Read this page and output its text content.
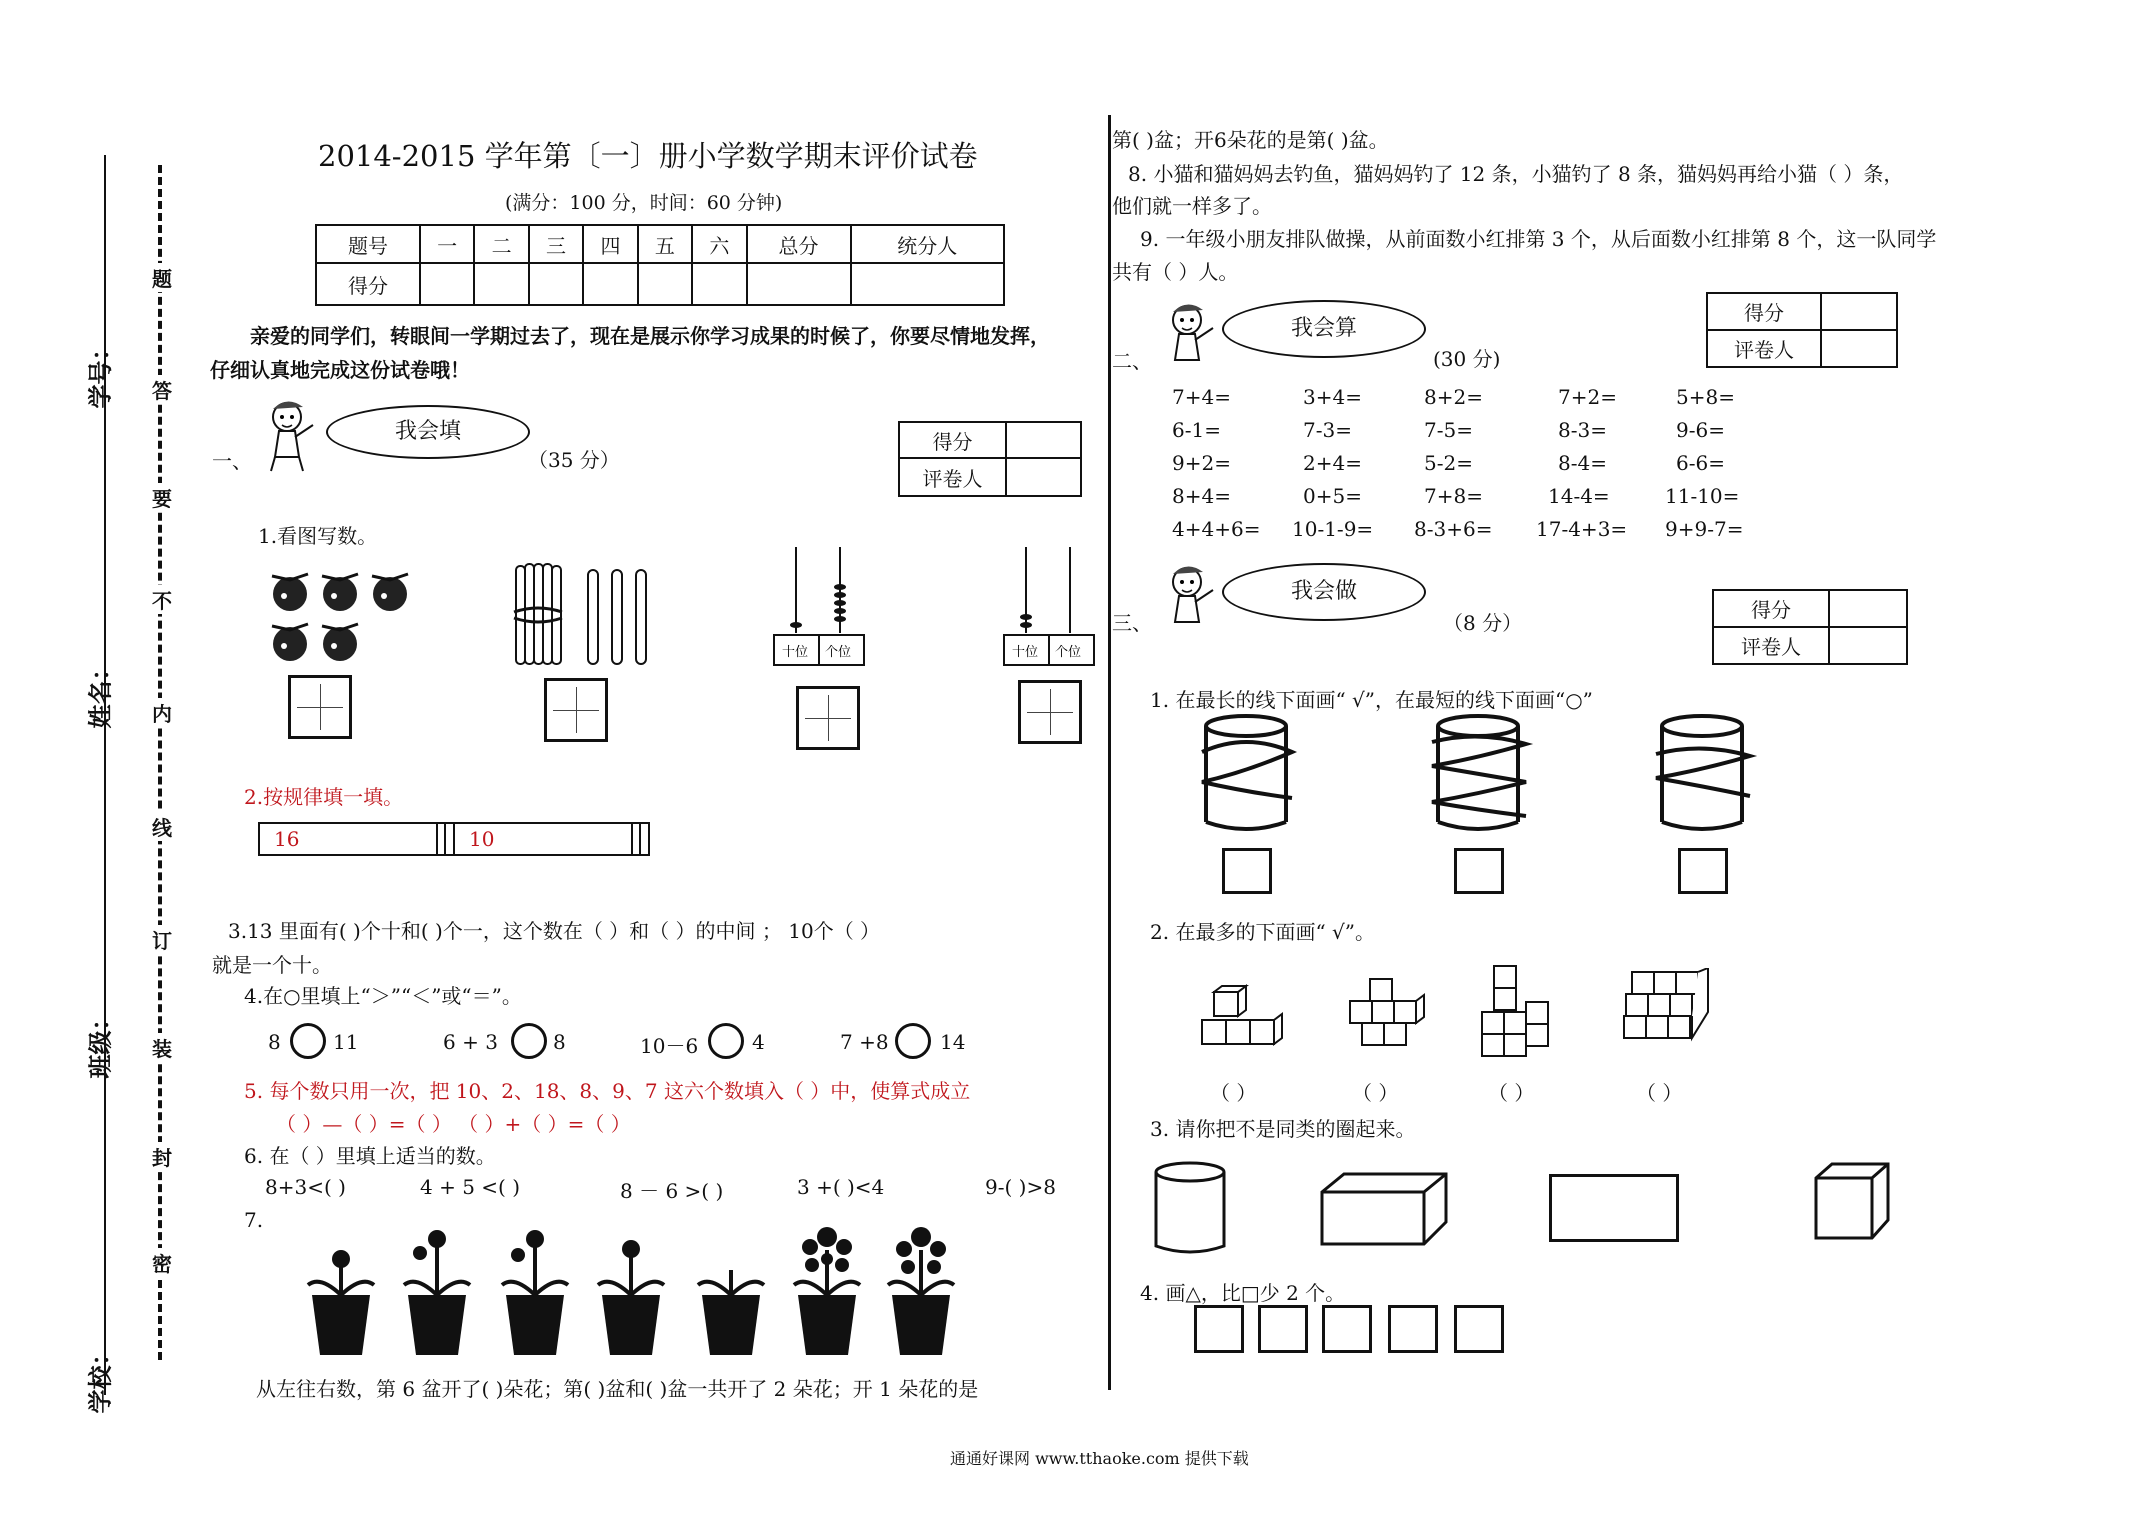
学号：
姓名：
班级：
学校：
题
答
要
不
内
线
订
装
封
密
2014-2015 学年第〔一〕册小学数学期末评价试卷
(满分：100 分，时间：60 分钟)
题号	一	二	三	四	五	六	总分	统分人
得分								
亲爱的同学们，转眼间一学期过去了，现在是展示你学习成果的时候了，你要尽情地发挥，
仔细认真地完成这份试卷哦！
一、
我会填
（35 分）
得分	
评卷人	
1.看图写数。
十位 个位	十位 个位
2.按规律填一填。
16			10		
3.13 里面有( )个十和( )个一，这个数在（ ）和（ ）的中间 ； 10个（ ）
就是一个十。
4.在○里填上“＞”“＜”或“＝”。
8	11	6 + 3	8	10－6	4	7 +8	14
5. 每个数只用一次，把 10、2、18、8、9、7 这六个数填入（ ）中，使算式成立
（ ）—（ ）=（ ） （ ）+（ ）=（ ）
6. 在（ ）里填上适当的数。
8+3<( )	4 + 5 <( )	8 － 6 >( )	3 +( )<4	9-( )>8
7.
从左往右数，第 6 盆开了( )朵花；第( )盆和( )盆一共开了 2 朵花；开 1 朵花的是
第( )盆；开6朵花的是第( )盆。
8. 小猫和猫妈妈去钓鱼，猫妈妈钓了 12 条，小猫钓了 8 条，猫妈妈再给小猫（ ）条，
他们就一样多了。
9. 一年级小朋友排队做操，从前面数小红排第 3 个，从后面数小红排第 8 个，这一队同学
共有（ ）人。
二、
我会算
(30 分)
得分	
评卷人	
7+4=	3+4=	8+2=	7+2=	5+8=
6-1=	7-3=	7-5=	8-3=	9-6=
9+2=	2+4=	5-2=	8-4=	6-6=
8+4=	0+5=	7+8=	14-4=	11-10=
4+4+6= 10-1-9= 8-3+6= 17-4+3= 9+9-7=
三、
我会做
（8 分）
得分	
评卷人	
1. 在最长的线下面画“ √”，在最短的线下面画“○”
2. 在最多的下面画“ √”。
（ ）	（ ）	（ ）	（ ）
3. 请你把不是同类的圈起来。
4. 画△，比□少 2 个。
通通好课网 www.tthaoke.com 提供下载
